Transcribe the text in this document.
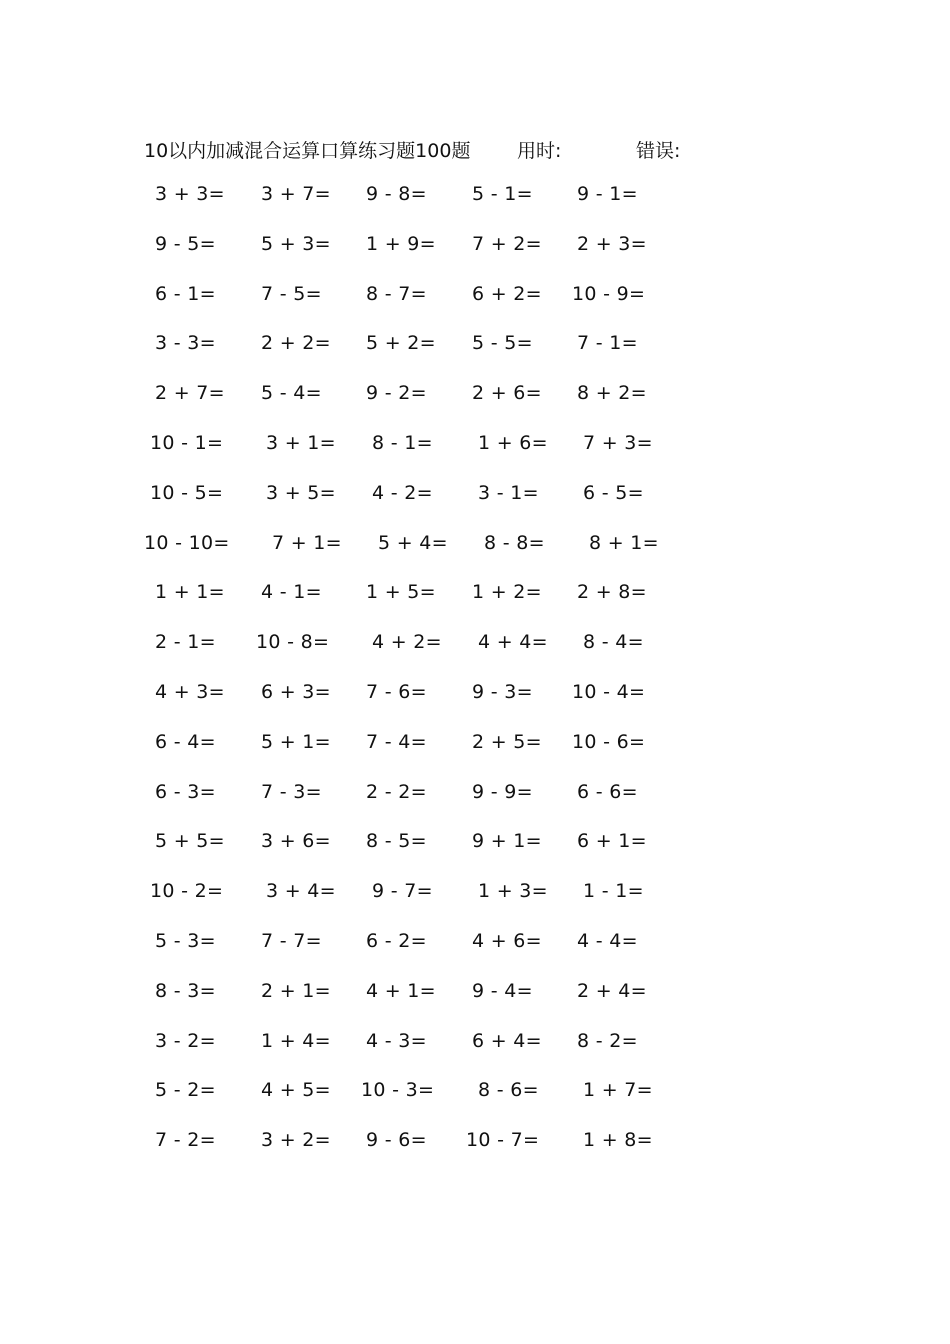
10以内加减混合运算口算练习题100题 用时:	错误:
3 + 3= 3 + 7= 9 - 8= 5 - 1= 9 - 1=
9 - 5= 5 + 3= 1 + 9= 7 + 2= 2 + 3=
6 - 1= 7 - 5= 8 - 7= 6 + 2= 10 - 9=
3 - 3= 2 + 2= 5 + 2= 5 - 5= 7 - 1=
2 + 7= 5 - 4= 9 - 2= 2 + 6= 8 + 2=
10 - 1= 3 + 1= 8 - 1= 1 + 6= 7 + 3=
10 - 5= 3 + 5= 4 - 2= 3 - 1= 6 - 5=
10 - 10= 7 + 1= 5 + 4= 8 - 8= 8 + 1=
1 + 1= 4 - 1= 1 + 5= 1 + 2= 2 + 8=
2 - 1= 10 - 8= 4 + 2= 4 + 4= 8 - 4=
4 + 3= 6 + 3= 7 - 6= 9 - 3= 10 - 4=
6 - 4= 5 + 1= 7 - 4= 2 + 5= 10 - 6=
6 - 3= 7 - 3= 2 - 2= 9 - 9= 6 - 6=
5 + 5= 3 + 6= 8 - 5= 9 + 1= 6 + 1=
10 - 2= 3 + 4= 9 - 7= 1 + 3= 1 - 1=
5 - 3= 7 - 7= 6 - 2= 4 + 6= 4 - 4=
8 - 3= 2 + 1= 4 + 1= 9 - 4= 2 + 4=
3 - 2= 1 + 4= 4 - 3= 6 + 4= 8 - 2=
5 - 2= 4 + 5= 10 - 3= 8 - 6= 1 + 7=
7 - 2= 3 + 2= 9 - 6= 10 - 7= 1 + 8=
